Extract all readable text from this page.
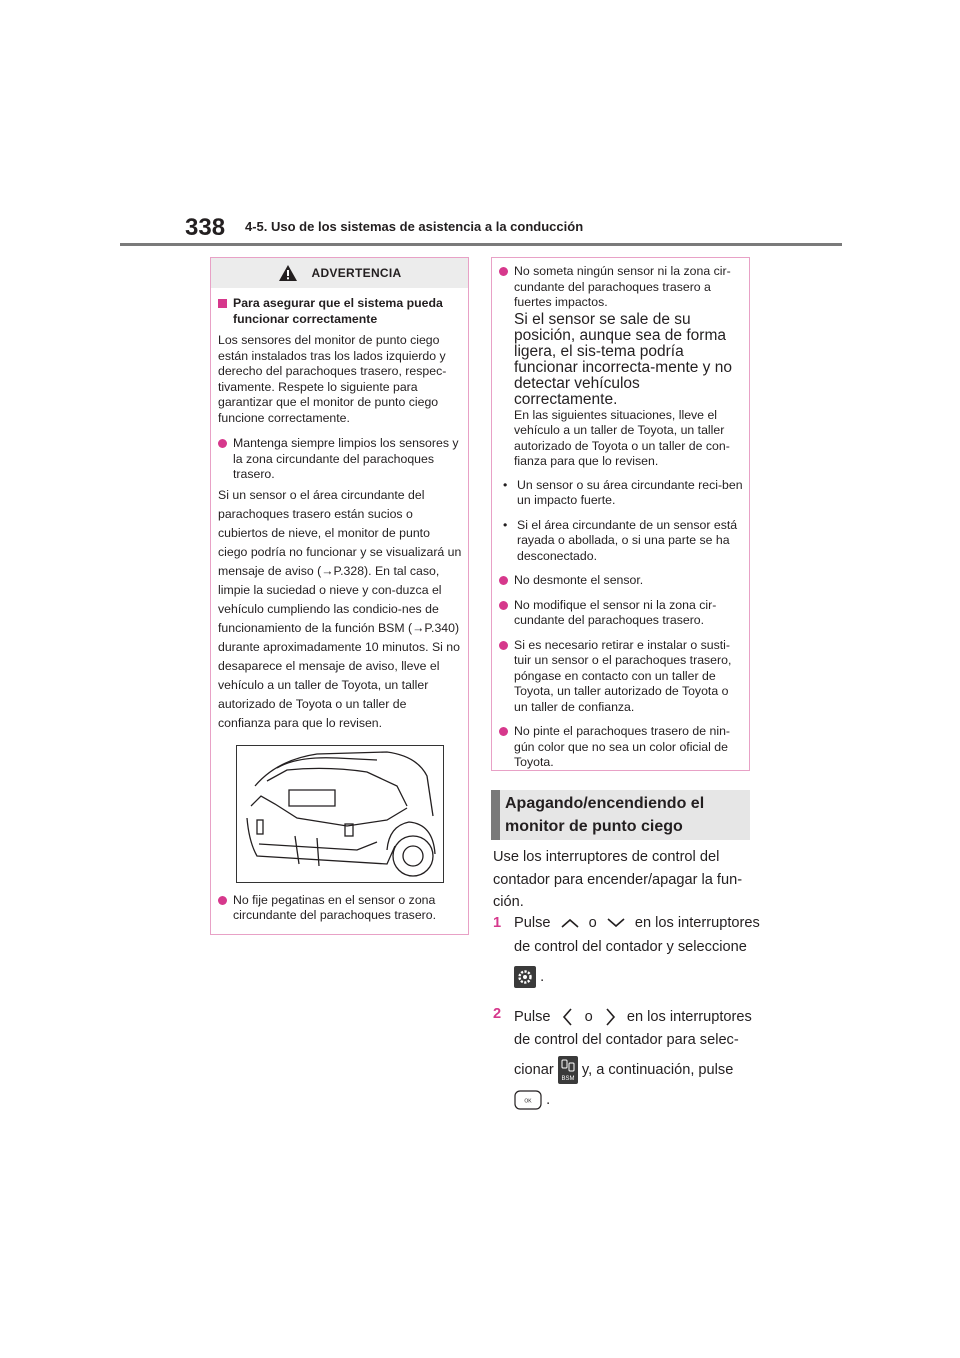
338 4-5. Uso de los sistemas de asistencia a la conducción
ADVERTENCIA
Para asegurar que el sistema pueda funcionar correctamente
Los sensores del monitor de punto ciego están instalados tras los lados izquierdo y derecho del parachoques trasero, respec-tivamente. Respete lo siguiente para garantizar que el monitor de punto ciego funcione correctamente.
Mantenga siempre limpios los sensores y la zona circundante del parachoques trasero.
Si un sensor o el área circundante del parachoques trasero están sucios o cubiertos de nieve, el monitor de punto ciego podría no funcionar y se visualizará un mensaje de aviso (→P.328). En tal caso, limpie la suciedad o nieve y con-duzca el vehículo cumpliendo las condicio-nes de funcionamiento de la función BSM (→P.340) durante aproximadamente 10 minutos. Si no desaparece el mensaje de aviso, lleve el vehículo a un taller de Toyota, un taller autorizado de Toyota o un taller de confianza para que lo revisen.
No fije pegatinas en el sensor o zona circundante del parachoques trasero.
No someta ningún sensor ni la zona cir-cundante del parachoques trasero a fuertes impactos.
Si el sensor se sale de su posición, aunque sea de forma ligera, el sis-tema podría funcionar incorrecta-mente y no detectar vehículos correctamente.
En las siguientes situaciones, lleve el vehículo a un taller de Toyota, un taller autorizado de Toyota o un taller de con-fianza para que lo revisen.
• Un sensor o su área circundante reci-ben un impacto fuerte.
• Si el área circundante de un sensor está rayada o abollada, o si una parte se ha desconectado.
No desmonte el sensor.
No modifique el sensor ni la zona cir-cundante del parachoques trasero.
Si es necesario retirar e instalar o susti-tuir un sensor o el parachoques trasero, póngase en contacto con un taller de Toyota, un taller autorizado de Toyota o un taller de confianza.
No pinte el parachoques trasero de nin-gún color que no sea un color oficial de Toyota.
Apagando/encendiendo el
monitor de punto ciego
Use los interruptores de control del contador para encender/apagar la fun-ción.
1 Pulse	o	en los interruptores
de control del contador y seleccione
.
2 Pulse o en los interruptores
de control del contador para selec-
cionar
BSM
y, a continuación, pulse
OK .
